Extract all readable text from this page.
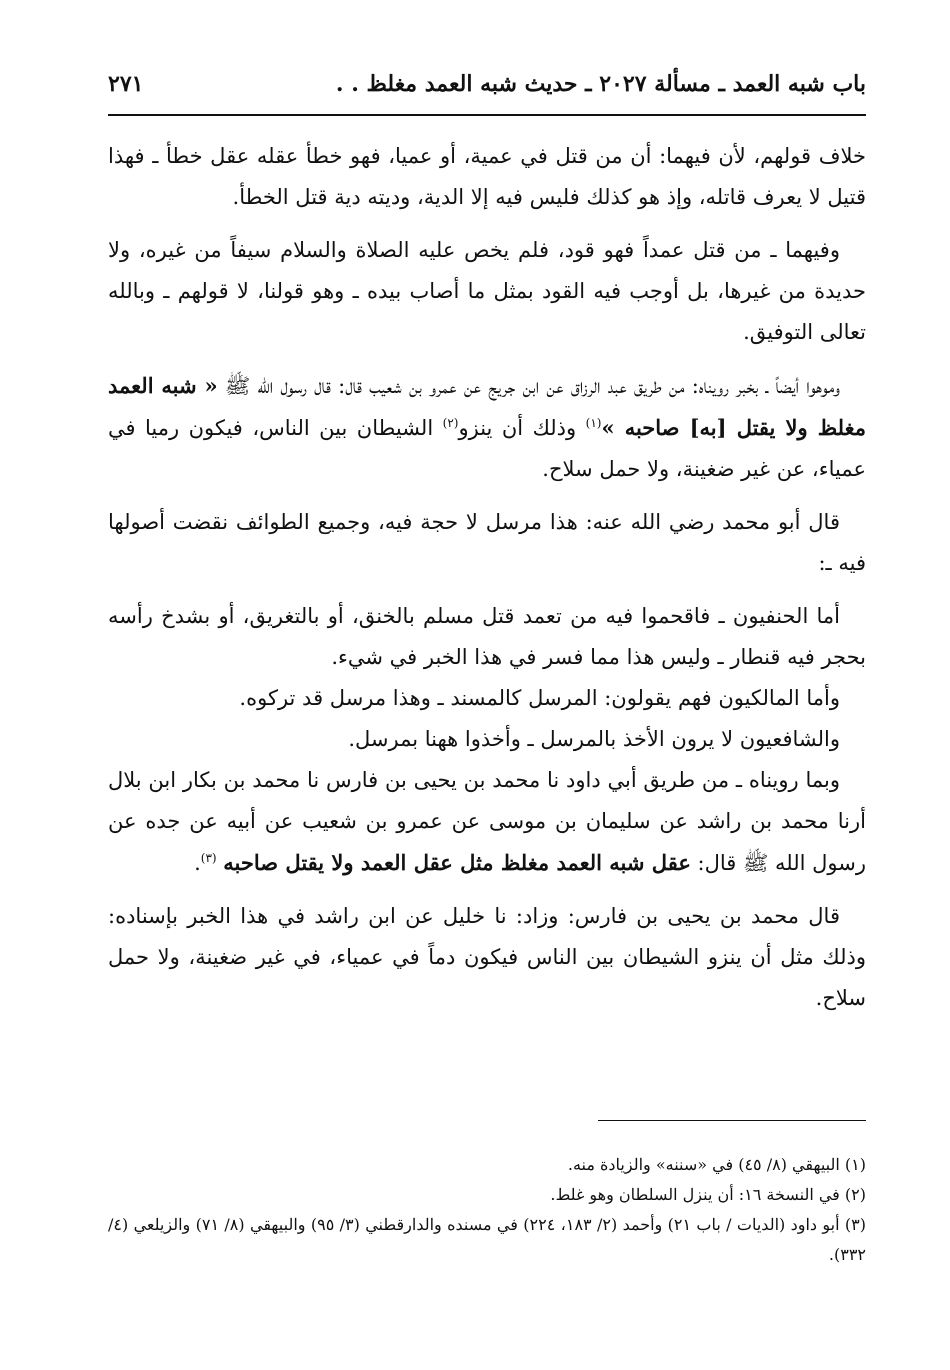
باب شبه العمد ـ مسألة ٢٠٢٧ ـ حديث شبه العمد مغلظ . .
٢٧١

خلاف قولهم، لأن فيهما: أن من قتل في عمية، أو عميا، فهو خطأ عقله عقل خطأ ـ فهذا قتيل لا يعرف قاتله، وإذ هو كذلك فليس فيه إلا الدية، وديته دية قتل الخطأ.

وفيهما ـ من قتل عمداً فهو قود، فلم يخص عليه الصلاة والسلام سيفاً من غيره، ولا حديدة من غيرها، بل أوجب فيه القود بمثل ما أصاب بيده ـ وهو قولنا، لا قولهم ـ وبالله تعالى التوفيق.

وموهوا أيضاً ـ بخبر رويناه: من طريق عبد الرزاق عن ابن جريج عن عمرو بن شعيب قال: قال رسول الله ﷺ « شبه العمد مغلظ ولا يقتل [به] صاحبه »$^{(١)}$ وذلك أن ينزو$^{(٢)}$ الشيطان بين الناس، فيكون رميا في عمياء، عن غير ضغينة، ولا حمل سلاح.

قال أبو محمد رضي الله عنه: هذا مرسل لا حجة فيه، وجميع الطوائف نقضت أصولها فيه ـ:

أما الحنفيون ـ فاقحموا فيه من تعمد قتل مسلم بالخنق، أو بالتغريق، أو بشدخ رأسه بحجر فيه قنطار ـ وليس هذا مما فسر في هذا الخبر في شيء.

وأما المالكيون فهم يقولون: المرسل كالمسند ـ وهذا مرسل قد تركوه.

والشافعيون لا يرون الأخذ بالمرسل ـ وأخذوا ههنا بمرسل.

وبما رويناه ـ من طريق أبي داود نا محمد بن يحيى بن فارس نا محمد بن بكار ابن بلال أرنا محمد بن راشد عن سليمان بن موسى عن عمرو بن شعيب عن أبيه عن جده عن رسول الله ﷺ قال: عقل شبه العمد مغلظ مثل عقل العمد ولا يقتل صاحبه $^{(٣)}$.

قال محمد بن يحيى بن فارس: وزاد: نا خليل عن ابن راشد في هذا الخبر بإسناده: وذلك مثل أن ينزو الشيطان بين الناس فيكون دماً في عمياء، في غير ضغينة، ولا حمل سلاح.

(١) البيهقي (٨/ ٤٥) في «سننه» والزيادة منه.

(٢) في النسخة ١٦: أن ينزل السلطان وهو غلط.

(٣) أبو داود (الديات / باب ٢١) وأحمد (٢/ ١٨٣، ٢٢٤) في مسنده والدارقطني (٣/ ٩٥) والبيهقي (٨/ ٧١) والزيلعي (٤/ ٣٣٢).
